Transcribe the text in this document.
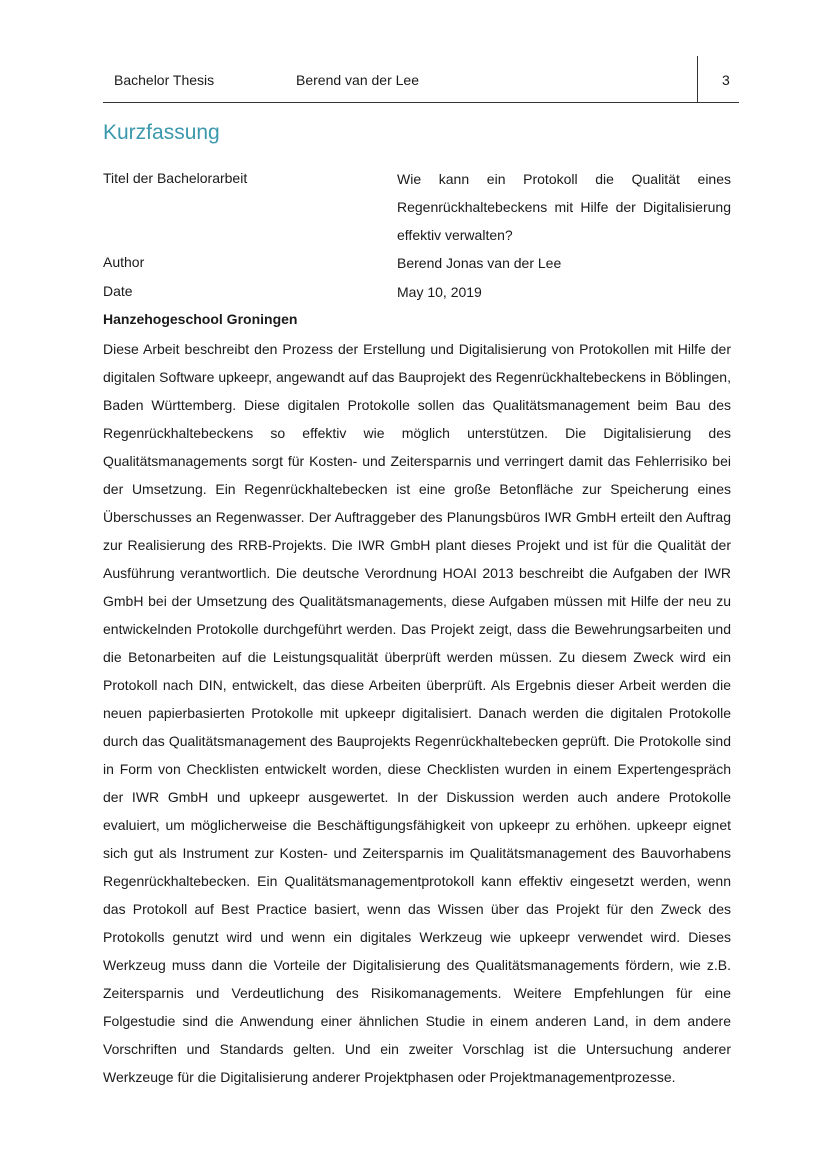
Bachelor Thesis	Berend van der Lee	3
Kurzfassung
Titel der Bachelorarbeit	Wie kann ein Protokoll die Qualität eines Regenrückhaltebeckens mit Hilfe der Digitalisierung effektiv verwalten?
Author	Berend Jonas van der Lee
Date	May 10, 2019
Hanzehogeschool Groningen

Diese Arbeit beschreibt den Prozess der Erstellung und Digitalisierung von Protokollen mit Hilfe der digitalen Software upkeepr, angewandt auf das Bauprojekt des Regenrückhaltebeckens in Böblingen, Baden Württemberg. Diese digitalen Protokolle sollen das Qualitätsmanagement beim Bau des Regenrückhaltebeckens so effektiv wie möglich unterstützen. Die Digitalisierung des Qualitätsmanagements sorgt für Kosten- und Zeitersparnis und verringert damit das Fehlerrisiko bei der Umsetzung. Ein Regenrückhaltebecken ist eine große Betonfläche zur Speicherung eines Überschusses an Regenwasser. Der Auftraggeber des Planungsbüros IWR GmbH erteilt den Auftrag zur Realisierung des RRB-Projekts. Die IWR GmbH plant dieses Projekt und ist für die Qualität der Ausführung verantwortlich. Die deutsche Verordnung HOAI 2013 beschreibt die Aufgaben der IWR GmbH bei der Umsetzung des Qualitätsmanagements, diese Aufgaben müssen mit Hilfe der neu zu entwickelnden Protokolle durchgeführt werden. Das Projekt zeigt, dass die Bewehrungsarbeiten und die Betonarbeiten auf die Leistungsqualität überprüft werden müssen. Zu diesem Zweck wird ein Protokoll nach DIN, entwickelt, das diese Arbeiten überprüft. Als Ergebnis dieser Arbeit werden die neuen papierbasierten Protokolle mit upkeepr digitalisiert. Danach werden die digitalen Protokolle durch das Qualitätsmanagement des Bauprojekts Regenrückhaltebecken geprüft. Die Protokolle sind in Form von Checklisten entwickelt worden, diese Checklisten wurden in einem Expertengespräch der IWR GmbH und upkeepr ausgewertet. In der Diskussion werden auch andere Protokolle evaluiert, um möglicherweise die Beschäftigungsfähigkeit von upkeepr zu erhöhen. upkeepr eignet sich gut als Instrument zur Kosten- und Zeitersparnis im Qualitätsmanagement des Bauvorhabens Regenrückhaltebecken. Ein Qualitätsmanagementprotokoll kann effektiv eingesetzt werden, wenn das Protokoll auf Best Practice basiert, wenn das Wissen über das Projekt für den Zweck des Protokolls genutzt wird und wenn ein digitales Werkzeug wie upkeepr verwendet wird. Dieses Werkzeug muss dann die Vorteile der Digitalisierung des Qualitätsmanagements fördern, wie z.B. Zeitersparnis und Verdeutlichung des Risikomanagements. Weitere Empfehlungen für eine Folgestudie sind die Anwendung einer ähnlichen Studie in einem anderen Land, in dem andere Vorschriften und Standards gelten. Und ein zweiter Vorschlag ist die Untersuchung anderer Werkzeuge für die Digitalisierung anderer Projektphasen oder Projektmanagementprozesse.
